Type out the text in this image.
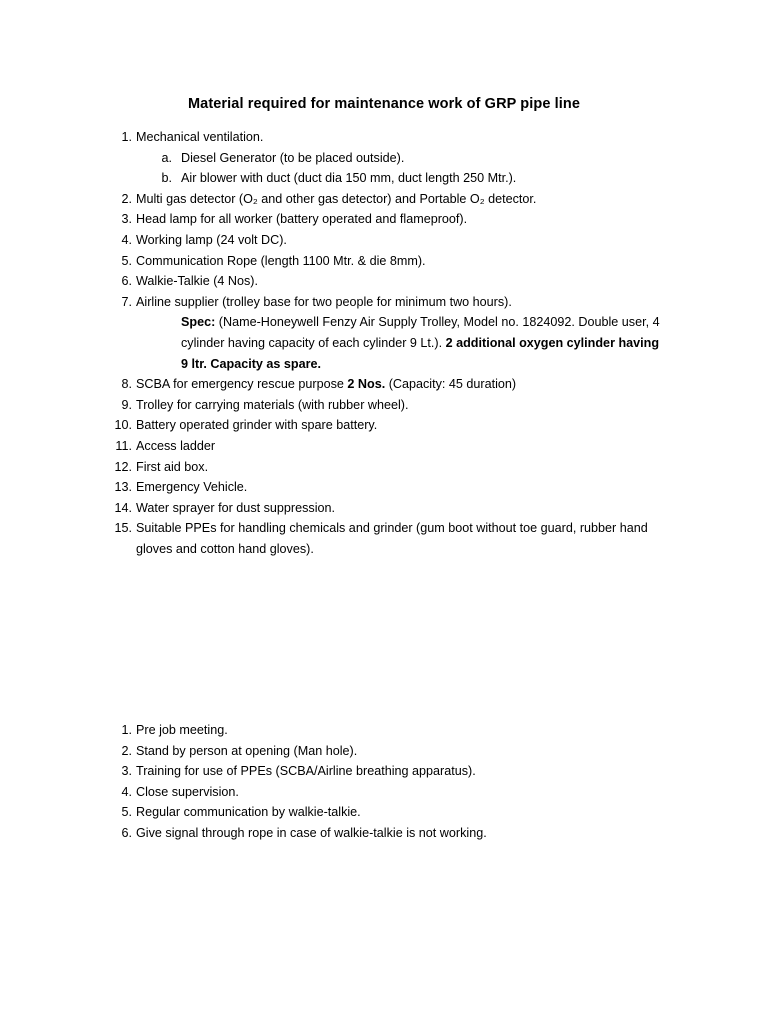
Material required for maintenance work of GRP pipe line
1. Mechanical ventilation.
a. Diesel Generator (to be placed outside).
b. Air blower with duct (duct dia 150 mm, duct length 250 Mtr.).
2. Multi gas detector (O₂ and other gas detector) and Portable O₂ detector.
3. Head lamp for all worker (battery operated and flameproof).
4. Working lamp (24 volt DC).
5. Communication Rope (length 1100 Mtr. & die 8mm).
6. Walkie-Talkie (4 Nos).
7. Airline supplier (trolley base for two people for minimum two hours).
Spec: (Name-Honeywell Fenzy Air Supply Trolley, Model no. 1824092. Double user, 4 cylinder having capacity of each cylinder 9 Lt.). 2 additional oxygen cylinder having 9 ltr. Capacity as spare.
8. SCBA for emergency rescue purpose 2 Nos. (Capacity: 45 duration)
9. Trolley for carrying materials (with rubber wheel).
10. Battery operated grinder with spare battery.
11. Access ladder
12. First aid box.
13. Emergency Vehicle.
14. Water sprayer for dust suppression.
15. Suitable PPEs for handling chemicals and grinder (gum boot without toe guard, rubber hand gloves and cotton hand gloves).
1. Pre job meeting.
2. Stand by person at opening (Man hole).
3. Training for use of PPEs (SCBA/Airline breathing apparatus).
4. Close supervision.
5. Regular communication by walkie-talkie.
6. Give signal through rope in case of walkie-talkie is not working.
